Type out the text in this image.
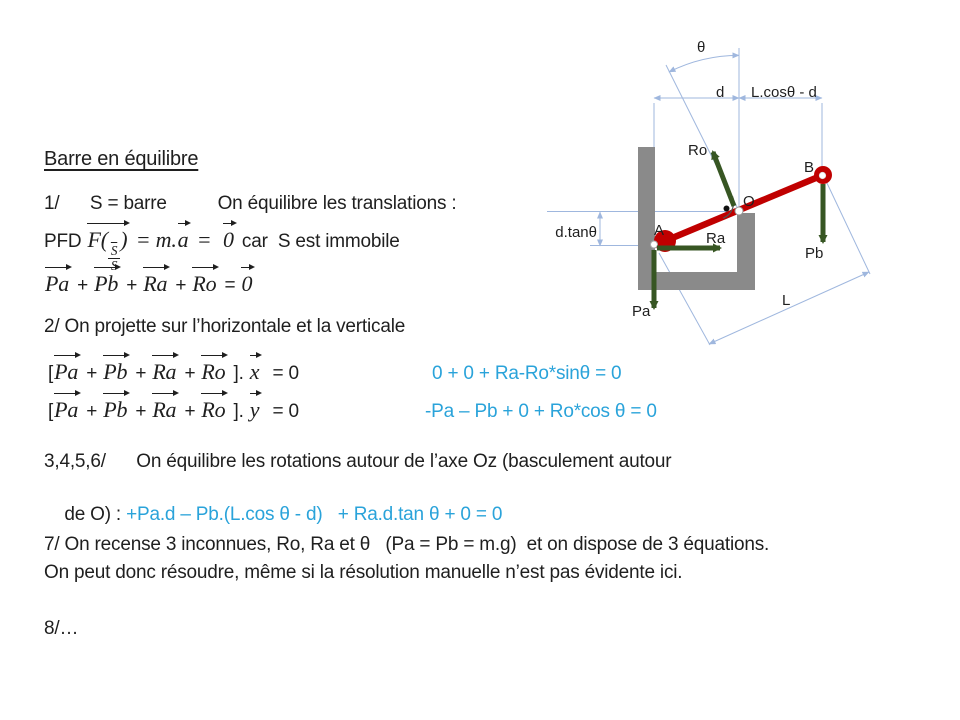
Barre en équilibre
1/      S = barre          On équilibre les translations :
PFD F(
$\frac{\overline{S}}{S}$
) = m.a =  0 car  S est immobile
Pa + Pb + Ra + Ro = 0
2/ On projette sur l’horizontale et la verticale
[Pa + Pb + Ra + Ro ]. x  = 0	0 + 0 + Ra-Ro*sinθ = 0
[Pa + Pb + Ra + Ro ]. y  = 0	-Pa – Pb + 0 + Ro*cos θ = 0
3,4,5,6/      On équilibre les rotations autour de l’axe Oz (basculement autour

de O) : +Pa.d – Pb.(L.cos θ - d)   + Ra.d.tan θ + 0 = 0

7/ On recense 3 inconnues, Ro, Ra et θ   (Pa = Pb = m.g)  et on dispose de 3 équations.
On peut donc résoudre, même si la résolution manuelle n’est pas évidente ici.
8/…
θ
d L.cosθ - d
d.tanθ
Ro
Ra
Pa
Pb
A
B
O
L
